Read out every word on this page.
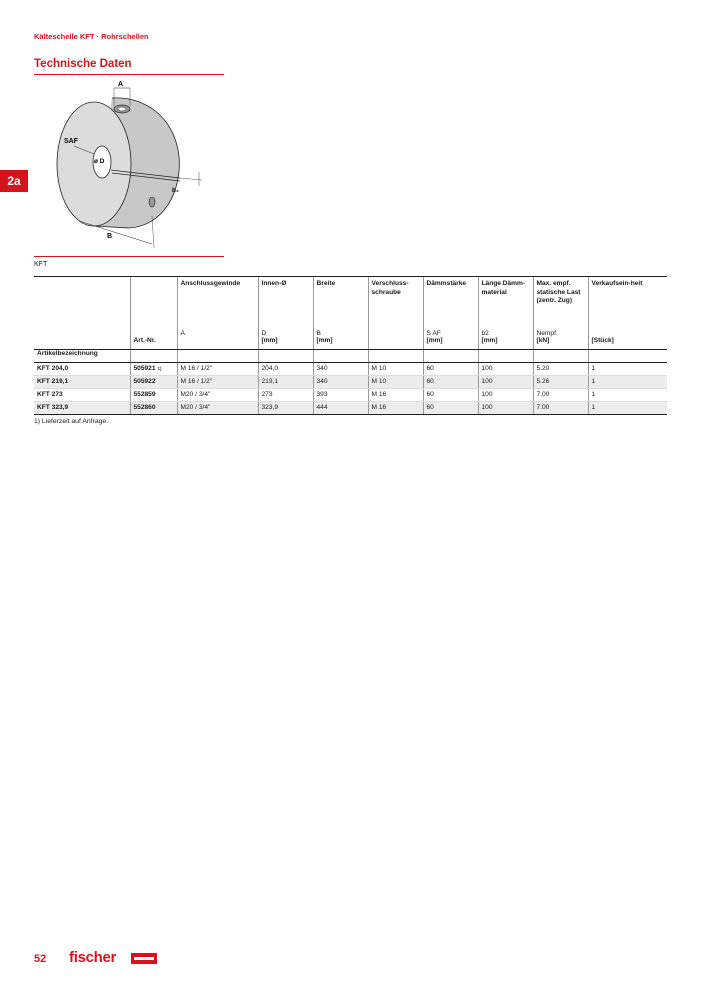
Kälteschelle KFT · Rohrschellen
Technische Daten
2a
A
SAF
ø D
b₂
B
KFT
		Anschlussgewinde	Innen-Ø	Breite	Verschluss-schraube	Dämmstärke	Länge Dämm-material	Max. empf. statische Last (zentr. Zug)	Verkaufsein-heit
		A	D	B		S AF	b2	Nempf.	
	Art.-Nr.		[mm]	[mm]		[mm]	[mm]	[kN]	[Stück]
Artikelbezeichnung									
KFT 204,0	505921 $^{1)}$	M 16 / 1/2"	204,0	340	M 10	60	100	5.20	1
KFT 219,1	505922	M 16 / 1/2"	219,1	340	M 10	60	100	5.26	1
KFT 273	552859	M20 / 3/4"	273	393	M 16	60	100	7.00	1
KFT 323,9	552860	M20 / 3/4"	323,9	444	M 16	60	100	7.00	1
1) Lieferzeit auf Anfrage.
52 fischer
